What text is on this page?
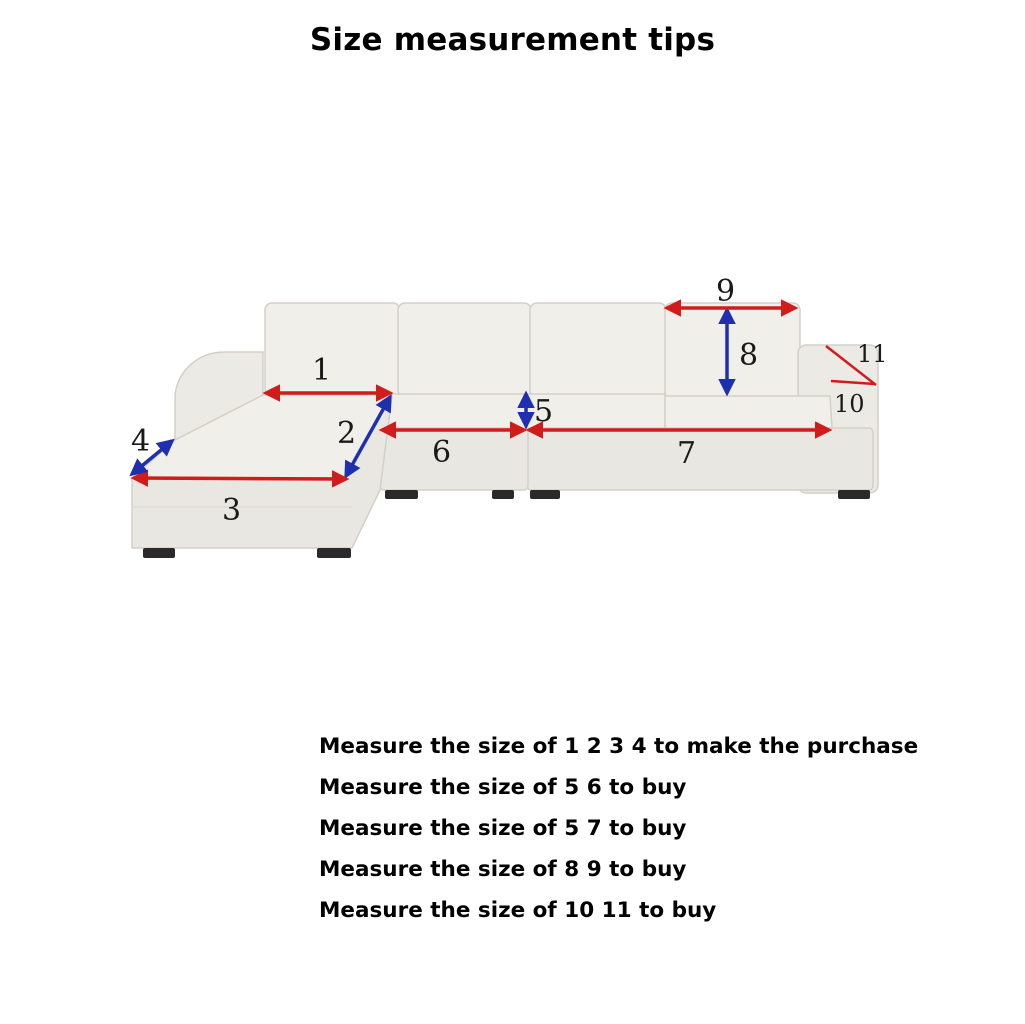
Size measurement tips
1
2
3
4
5
6	7
8
9
10
11
Measure the size of 1 2 3 4 to make the purchase
Measure the size of 5 6 to buy
Measure the size of 5 7 to buy
Measure the size of 8 9 to buy
Measure the size of 10 11 to buy
